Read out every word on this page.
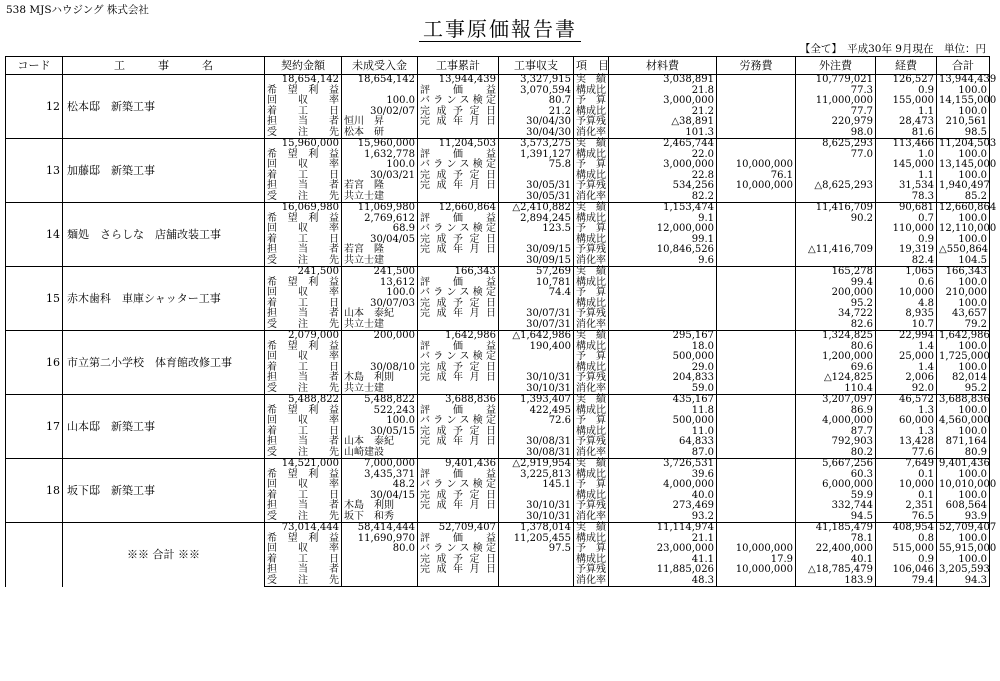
538 MJSハウジング 株式会社
工事原価報告書
【全て】　平成30年 9月現在　単位：円
コード	工　　　事　　　名	契約金額	未成受入金	工事累計	工事収支	項　目	材料費	労務費	外注費	経費	合計
12	松本邸　新築工事	18,654,142	18,654,142	13,944,439	3,327,915	実績	3,038,891		10,779,021	126,527	13,944,439
		希望利益		評価益	3,070,594	構成比	21.8		77.3	0.9	100.0
		回収率	100.0	バランス検定	80.7	予算	3,000,000		11,000,000	155,000	14,155,000
		着工日	30/02/07	完成予定日	21.2	構成比	21.2		77.7	1.1	100.0
		担当者	恒川　昇	完成年月日	30/04/30	予算残	△38,891		220,979	28,473	210,561
		受注先	松本　研		30/04/30	消化率	101.3		98.0	81.6	98.5
13	加藤邸　新築工事	15,960,000	15,960,000	11,204,503	3,573,275	実績	2,465,744		8,625,293	113,466	11,204,503
		希望利益	1,632,778	評価益	1,391,127	構成比	22.0		77.0	1.0	100.0
		回収率	100.0	バランス検定	75.8	予算	3,000,000	10,000,000		145,000	13,145,000
		着工日	30/03/21	完成予定日		構成比	22.8	76.1		1.1	100.0
		担当者	若宮　隆	完成年月日	30/05/31	予算残	534,256	10,000,000	△8,625,293	31,534	1,940,497
		受注先	共立士建		30/05/31	消化率	82.2			78.3	85.2
14	麺処　さらしな　店舗改装工事	16,069,980	11,069,980	12,660,864	△2,410,882	実績	1,153,474		11,416,709	90,681	12,660,864
		希望利益	2,769,612	評価益	2,894,245	構成比	9.1		90.2	0.7	100.0
		回収率	68.9	バランス検定	123.5	予算	12,000,000			110,000	12,110,000
		着工日	30/04/05	完成予定日		構成比	99.1			0.9	100.0
		担当者	若宮　隆	完成年月日	30/09/15	予算残	10,846,526		△11,416,709	19,319	△550,864
		受注先	共立士建		30/09/15	消化率	9.6			82.4	104.5
15	赤木歯科　車庫シャッター工事	241,500	241,500	166,343	57,269	実績			165,278	1,065	166,343
		希望利益	13,612	評価益	10,781	構成比			99.4	0.6	100.0
		回収率	100.0	バランス検定	74.4	予算			200,000	10,000	210,000
		着工日	30/07/03	完成予定日		構成比			95.2	4.8	100.0
		担当者	山本　泰紀	完成年月日	30/07/31	予算残			34,722	8,935	43,657
		受注先	共立士建		30/07/31	消化率			82.6	10.7	79.2
16	市立第二小学校　体育館改修工事	2,079,000	200,000	1,642,986	△1,642,986	実績	295,167		1,324,825	22,994	1,642,986
		希望利益		評価益	190,400	構成比	18.0		80.6	1.4	100.0
		回収率		バランス検定		予算	500,000		1,200,000	25,000	1,725,000
		着工日	30/08/10	完成予定日		構成比	29.0		69.6	1.4	100.0
		担当者	木島　利則	完成年月日	30/10/31	予算残	204,833		△124,825	2,006	82,014
		受注先	共立士建		30/10/31	消化率	59.0		110.4	92.0	95.2
17	山本邸　新築工事	5,488,822	5,488,822	3,688,836	1,393,407	実績	435,167		3,207,097	46,572	3,688,836
		希望利益	522,243	評価益	422,495	構成比	11.8		86.9	1.3	100.0
		回収率	100.0	バランス検定	72.6	予算	500,000		4,000,000	60,000	4,560,000
		着工日	30/05/15	完成予定日		構成比	11.0		87.7	1.3	100.0
		担当者	山本　泰紀	完成年月日	30/08/31	予算残	64,833		792,903	13,428	871,164
		受注先	山崎建設		30/08/31	消化率	87.0		80.2	77.6	80.9
18	坂下邸　新築工事	14,521,000	7,000,000	9,401,436	△2,919,954	実績	3,726,531		5,667,256	7,649	9,401,436
		希望利益	3,435,371	評価益	3,225,813	構成比	39.6		60.3	0.1	100.0
		回収率	48.2	バランス検定	145.1	予算	4,000,000		6,000,000	10,000	10,010,000
		着工日	30/04/15	完成予定日		構成比	40.0		59.9	0.1	100.0
		担当者	木島　利則	完成年月日	30/10/31	予算残	273,469		332,744	2,351	608,564
		受注先	坂下　和秀		30/10/31	消化率	93.2		94.5	76.5	93.9
	※※ 合計 ※※	73,014,444	58,414,444	52,709,407	1,378,014	実績	11,114,974		41,185,479	408,954	52,709,407
		希望利益	11,690,970	評価益	11,205,455	構成比	21.1		78.1	0.8	100.0
		回収率	80.0	バランス検定	97.5	予算	23,000,000	10,000,000	22,400,000	515,000	55,915,000
		着工日		完成予定日		構成比	41.1	17.9	40.1	0.9	100.0
		担当者		完成年月日		予算残	11,885,026	10,000,000	△18,785,479	106,046	3,205,593
		受注先				消化率	48.3		183.9	79.4	94.3
